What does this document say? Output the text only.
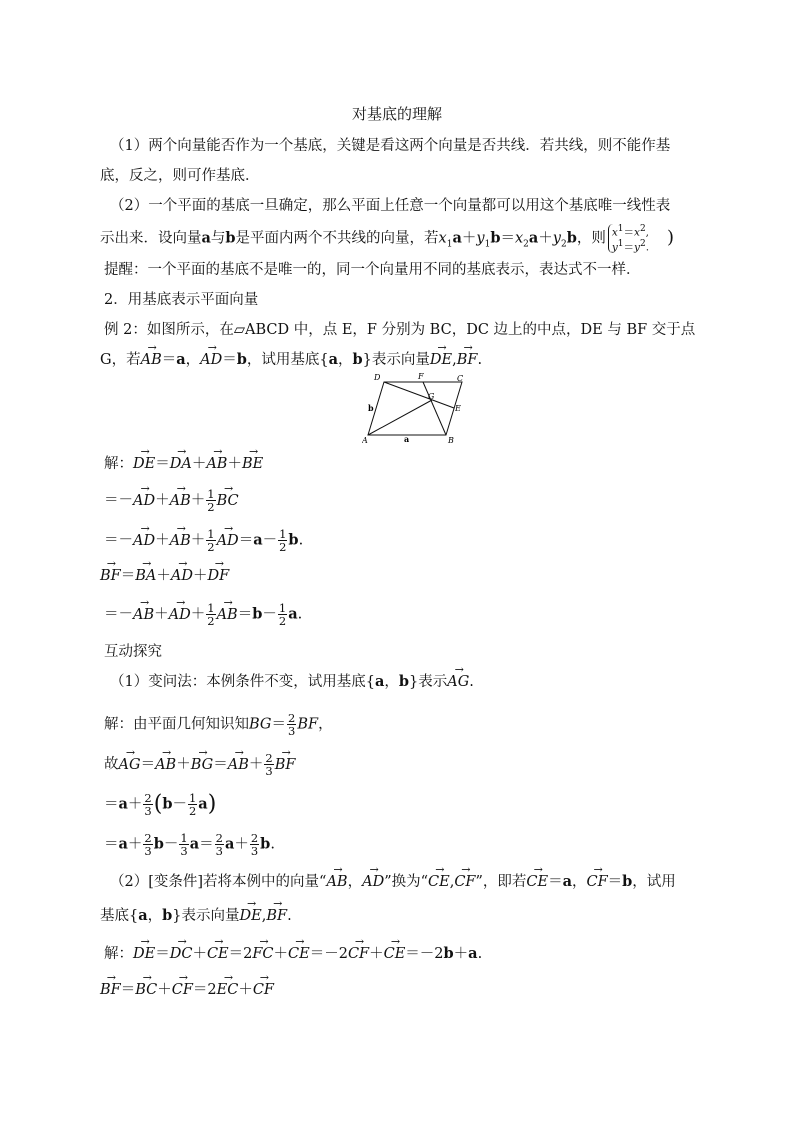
对基底的理解
（1）两个向量能否作为一个基底，关键是看这两个向量是否共线．若共线，则不能作基
底，反之，则可作基底．
（2）一个平面的基底一旦确定，那么平面上任意一个向量都可以用这个基底唯一线性表
示出来．设向量a与b是平面内两个不共线的向量，若$x_1a+y_1b=x_2a+y_2b$，则 $x^1=x^2$,
$y^1=y^2$. )
提醒：一个平面的基底不是唯一的，同一个向量用不同的基底表示，表达式不一样．
2．用基底表示平面向量
例 2：如图所示，在▱ABCD 中，点 E，F 分别为 BC，DC 边上的中点，DE 与 BF 交于点
G，若→ AB＝a，→ AD＝b，试用基底{a，b}表示向量→ DE,→ BF.
D	F	C
G
E
A	B
a
b
解：→ DE＝→ DA＋→ AB＋→ BE
＝－→ $AD+\to AB+ \frac{1}{2}$
→ BC
＝－→ $AD+\to AB+ \frac{1}{2}$
→ $AD=a- \frac{1}{2} b$.
→ BF＝→ BA＋→ AD＋→ DF
＝－→ $AB+\to AD+ \frac{1}{2}$
→ $AB=b- \frac{1}{2} a$.
互动探究
（1）变问法：本例条件不变，试用基底{a，b}表示→ AG.
解：由平面几何知识知$BG= \frac{2}{3}$ BF，
故→ $AG=\to AB+\to BG=\to AB+ \frac{2}{3}$
→ BF
$=a+ \frac{2}{3} (b- \frac{1}{2} a)$
$=a+ \frac{2}{3} b- \frac{1}{3} a= \frac{2}{3} a+ \frac{2}{3} b$.
（2）[变条件]若将本例中的向量“→ AB，→ AD”换为“→ CE,→ CF”，即若→ CE＝a，→ CF＝b，试用
基底{a，b}表示向量→ DE,→ BF.
解：→ DE＝→ DC＋→ CE＝2→ FC＋→ CE＝－2→ CF＋→ CE＝－2b＋a.
→ BF＝→ BC＋→ CF＝2→ EC＋→ CF
